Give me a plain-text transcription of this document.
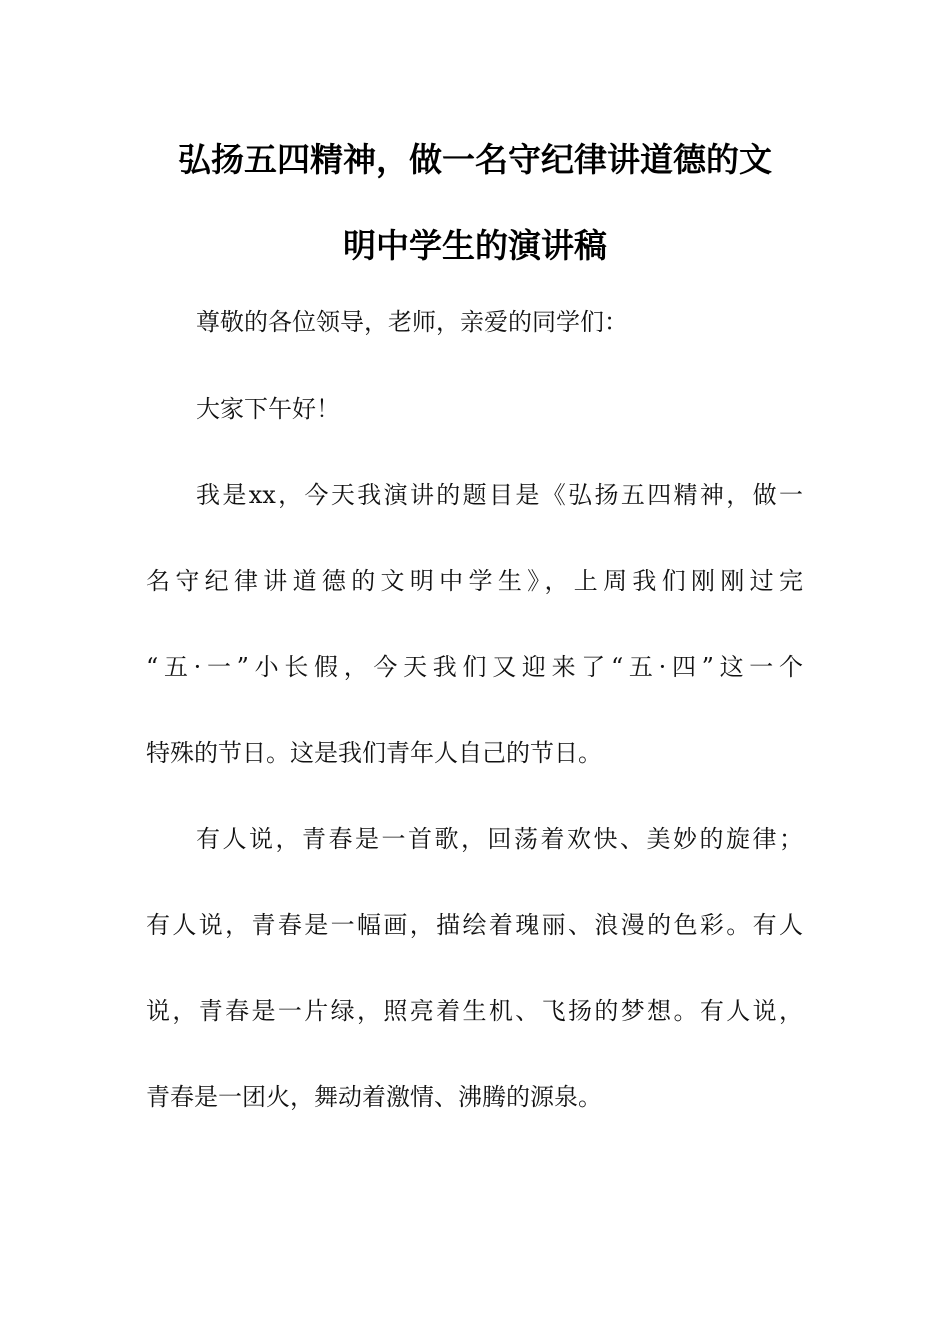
弘扬五四精神，做一名守纪律讲道德的文
明中学生的演讲稿
尊敬的各位领导，老师，亲爱的同学们：
大家下午好！
我是xx，今天我演讲的题目是《弘扬五四精神，做一
名守纪律讲道德的文明中学生》，上周我们刚刚过完
“五·一”小长假，今天我们又迎来了“五·四”这一个
特殊的节日。这是我们青年人自己的节日。
有人说，青春是一首歌，回荡着欢快、美妙的旋律；
有人说，青春是一幅画，描绘着瑰丽、浪漫的色彩。有人
说，青春是一片绿，照亮着生机、飞扬的梦想。有人说，
青春是一团火，舞动着激情、沸腾的源泉。
